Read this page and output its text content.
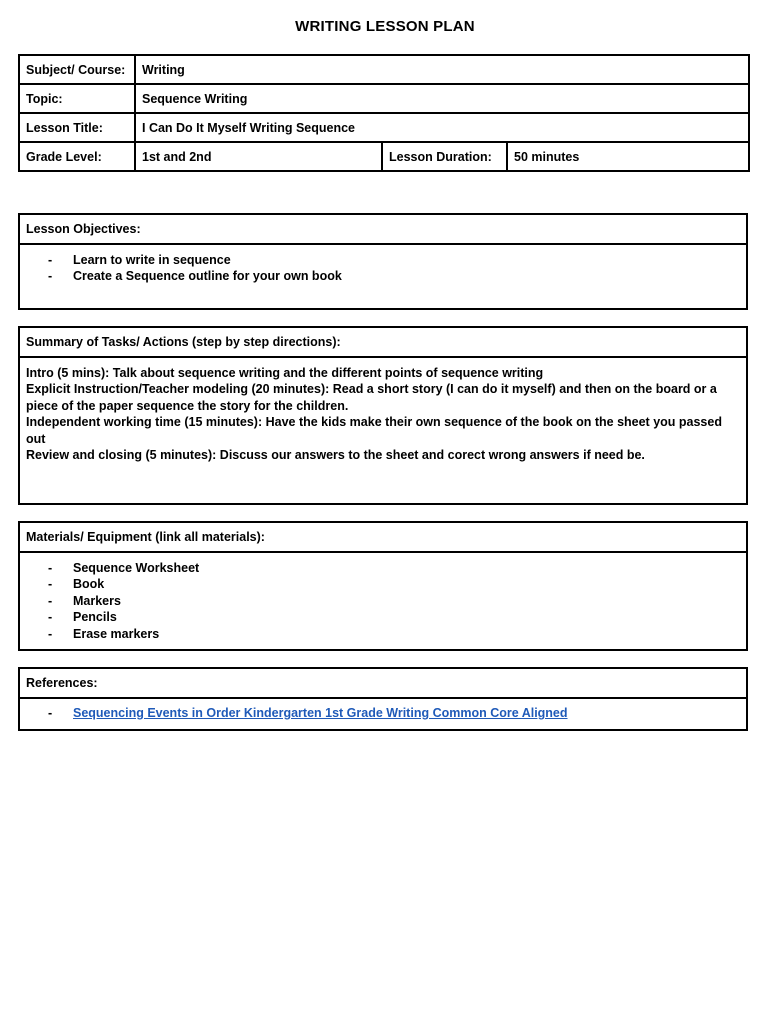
WRITING LESSON PLAN
Subject/ Course:	Writing		
Topic:	Sequence Writing		
Lesson Title:	I Can Do It Myself Writing Sequence		
Grade Level:	1st and 2nd	Lesson Duration:	50 minutes
Lesson Objectives:
- Learn to write in sequence
- Create a Sequence outline for your own book
Summary of Tasks/ Actions (step by step directions):
Intro (5 mins): Talk about sequence writing and the different points of sequence writing
Explicit Instruction/Teacher modeling (20 minutes): Read a short story (I can do it myself) and then on the board or a piece of the paper sequence the story for the children.
Independent working time (15 minutes): Have the kids make their own sequence of the book on the sheet you passed out
Review and closing (5 minutes): Discuss our answers to the sheet and corect wrong answers if need be.
Materials/ Equipment (link all materials):
- Sequence Worksheet
- Book
- Markers
- Pencils
- Erase markers
References:
- Sequencing Events in Order Kindergarten 1st Grade Writing Common Core Aligned
